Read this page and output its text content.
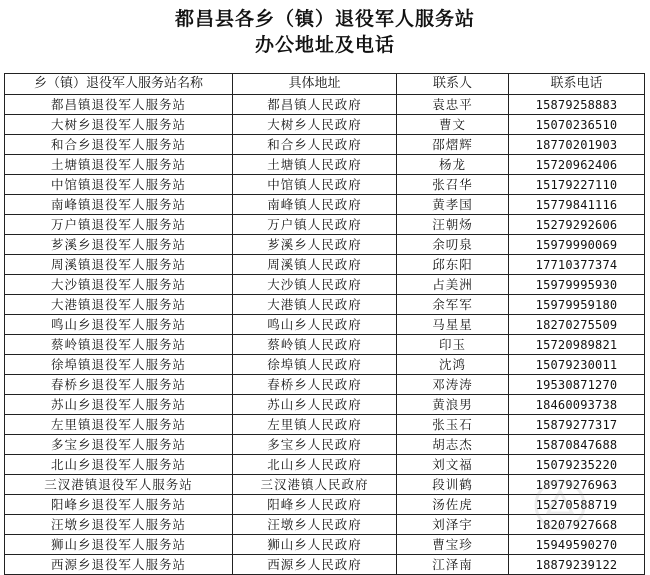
都昌县各乡（镇）退役军人服务站
办公地址及电话
乡（镇）退役军人服务站名称	具体地址	联系人	联系电话
都昌镇退役军人服务站	都昌镇人民政府	袁忠平	15879258883
大树乡退役军人服务站	大树乡人民政府	曹文	15070236510
和合乡退役军人服务站	和合乡人民政府	邵熠辉	18770201903
土塘镇退役军人服务站	土塘镇人民政府	杨龙	15720962406
中馆镇退役军人服务站	中馆镇人民政府	张召华	15179227110
南峰镇退役军人服务站	南峰镇人民政府	黄孝国	15779841116
万户镇退役军人服务站	万户镇人民政府	汪朝炀	15279292606
芗溪乡退役军人服务站	芗溪乡人民政府	余叨泉	15979990069
周溪镇退役军人服务站	周溪镇人民政府	邱东阳	17710377374
大沙镇退役军人服务站	大沙镇人民政府	占美洲	15979995930
大港镇退役军人服务站	大港镇人民政府	余军军	15979959180
鸣山乡退役军人服务站	鸣山乡人民政府	马星星	18270275509
蔡岭镇退役军人服务站	蔡岭镇人民政府	印玉	15720989821
徐埠镇退役军人服务站	徐埠镇人民政府	沈鸿	15079230011
春桥乡退役军人服务站	春桥乡人民政府	邓涛涛	19530871270
苏山乡退役军人服务站	苏山乡人民政府	黄浪男	18460093738
左里镇退役军人服务站	左里镇人民政府	张玉石	15879277317
多宝乡退役军人服务站	多宝乡人民政府	胡志杰	15870847688
北山乡退役军人服务站	北山乡人民政府	刘文福	15079235220
三汊港镇退役军人服务站	三汊港镇人民政府	段训鹤	18979276963
阳峰乡退役军人服务站	阳峰乡人民政府	汤佐虎	15270588719
汪墩乡退役军人服务站	汪墩乡人民政府	刘泽宇	18207927668
狮山乡退役军人服务站	狮山乡人民政府	曹宝珍	15949590270
西源乡退役军人服务站	西源乡人民政府	江泽南	18879239122
